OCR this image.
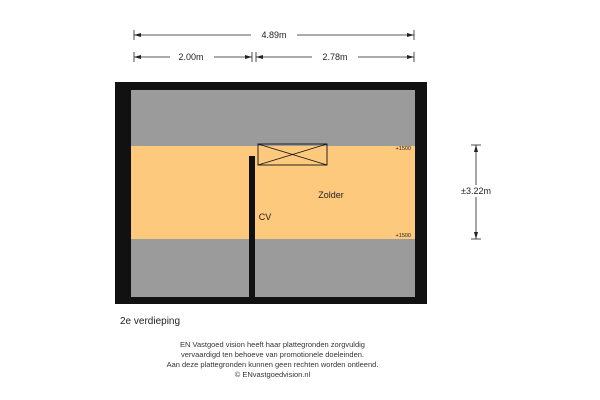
4.89m
2.00m	2.78m
±3.22m
Zolder
CV
+1500
+1500
2e verdieping
EN Vastgoed vision heeft haar plattegronden zorgvuldig
vervaardigd ten behoeve van promotionele doeleinden.
Aan deze plattegronden kunnen geen rechten worden ontleend.
© ENvastgoedvision.nl
